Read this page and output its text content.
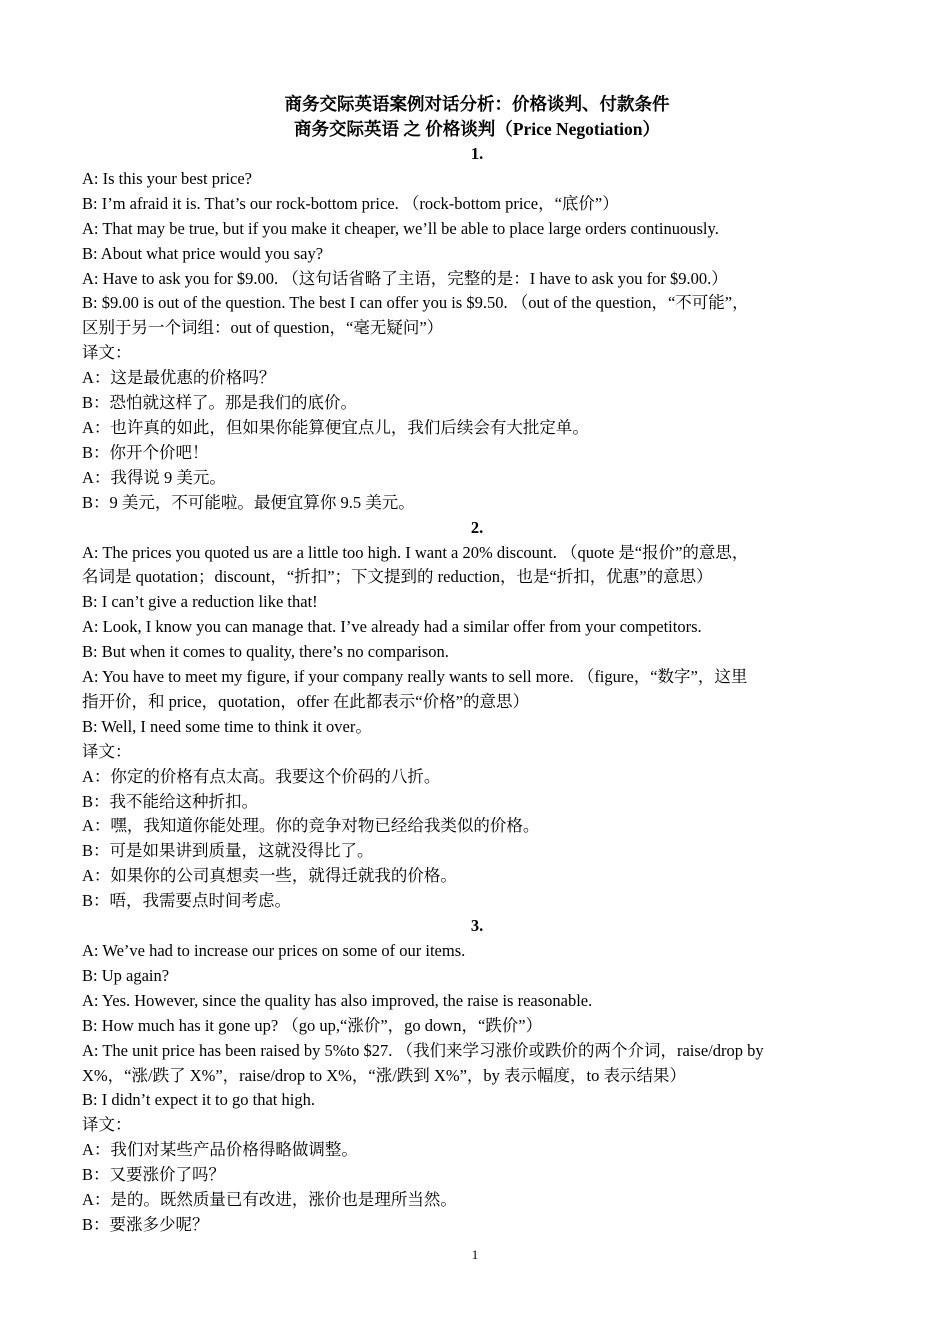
商务交际英语案例对话分析：价格谈判、付款条件
商务交际英语 之 价格谈判（Price Negotiation）
1.
A: Is this your best price?
B: I’m afraid it is. That’s our rock-bottom price. （rock-bottom price，“底价”）
A: That may be true, but if you make it cheaper, we’ll be able to place large orders continuously.
B: About what price would you say?
A: Have to ask you for $9.00. （这句话省略了主语，完整的是：I have to ask you for $9.00.）
B: $9.00 is out of the question. The best I can offer you is $9.50. （out of the question，“不可能”，
区别于另一个词组：out of question，“毫无疑问”）
译文：
A：这是最优惠的价格吗？
B：恐怕就这样了。那是我们的底价。
A：也许真的如此，但如果你能算便宜点儿，我们后续会有大批定单。
B：你开个价吧！
A：我得说 9 美元。
B：9 美元，不可能啦。最便宜算你 9.5 美元。
2.
A: The prices you quoted us are a little too high. I want a 20% discount. （quote 是“报价”的意思，
名词是 quotation；discount，“折扣”；下文提到的 reduction，也是“折扣，优惠”的意思）
B: I can’t give a reduction like that!
A: Look, I know you can manage that. I’ve already had a similar offer from your competitors.
B: But when it comes to quality, there’s no comparison.
A: You have to meet my figure, if your company really wants to sell more. （figure，“数字”，这里
指开价，和 price，quotation，offer 在此都表示“价格”的意思）
B: Well, I need some time to think it over。
译文：
A：你定的价格有点太高。我要这个价码的八折。
B：我不能给这种折扣。
A：嘿，我知道你能处理。你的竞争对物已经给我类似的价格。
B：可是如果讲到质量，这就没得比了。
A：如果你的公司真想卖一些，就得迁就我的价格。
B：唔，我需要点时间考虑。
3.
A: We’ve had to increase our prices on some of our items.
B: Up again?
A: Yes. However, since the quality has also improved, the raise is reasonable.
B: How much has it gone up? （go up,“涨价”，go down，“跌价”）
A: The unit price has been raised by 5%to $27. （我们来学习涨价或跌价的两个介词，raise/drop by
X%，“涨/跌了 X%”，raise/drop to X%，“涨/跌到 X%”，by 表示幅度，to 表示结果）
B: I didn’t expect it to go that high.
译文：
A：我们对某些产品价格得略做调整。
B：又要涨价了吗？
A：是的。既然质量已有改进，涨价也是理所当然。
B：要涨多少呢？
1
